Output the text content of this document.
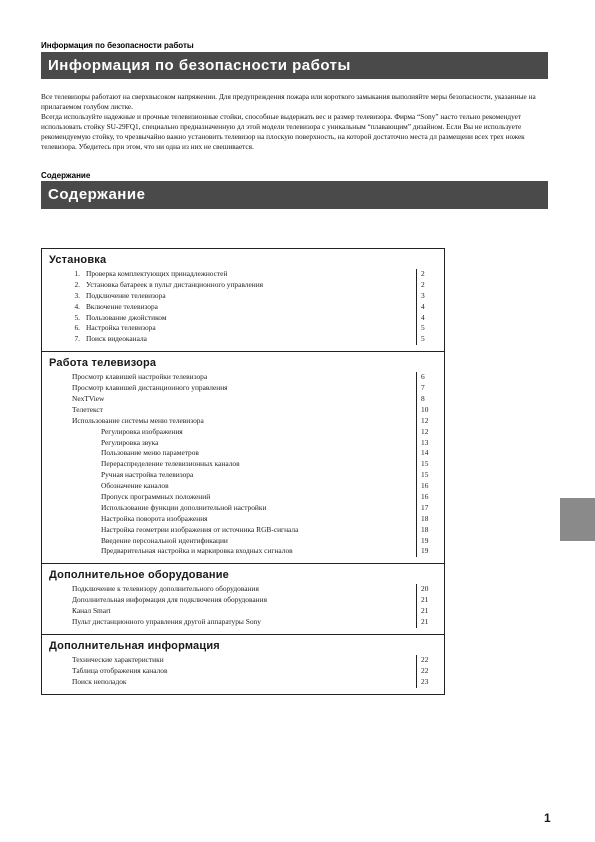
Информация по безопасности работы
Информация по безопасности работы

Все телевизоры работают на сверхвысоком напряжении. Для предупреждения пожара или короткого замыкания выполняйте меры безопасности, указанные на прилагаемом голубом листке.

Всегда используйте надежные и прочные телевизионные стойки, способные выдержать вес и размер телевизора. Фирма “Sony” насто тельно рекомендует использовать стойку SU-29FQ1, специально предназначенную дл этой модели телевизора с уникальным “плавающим” дизайном. Если Вы не используете рекомендуемую стойку, то чрезвычайно важно установить телевизор на плоскую поверхность, на которой достаточно места дл размещени всех трех ножек телевизора. Убедитесь при этом, что ни одна из них не свешивается.

Содержание
Содержание
Установка
1. Проверка комплектующих принадлежностей	2
2. Установка батареек в пульт дистанционного управления	2
3. Подключение телевизора	3
4. Включение телевизора	4
5. Пользование джойстиком	4
6. Настройка телевизора	5
7. Поиск видеоканала	5
Работа телевизора
Просмотр клавишей настройки телевизора	6
Просмотр клавишей дистанционного управления	7
NexTView	8
Телетекст	10
Использование системы меню телевизора	12
Регулировка изображения	12
Регулировка звука	13
Пользование меню параметров	14
Перераспределение телевизионных каналов	15
Ручная настройка телевизора	15
Обозначение каналов	16
Пропуск программных положений	16
Использование функции дополнительной настройки	17
Настройка поворота изображения	18
Настройка геометрии изображения от источника RGB-сигнала	18
Введение персональной идентификации	19
Предварительная настройка и маркировка входных сигналов	19
Дополнительное оборудование
Подключение к телевизору дополнительного оборудования	20
Дополнительная информация для подключения оборудования	21
Канал Smart	21
Пульт дистанционного управления другой аппаратуры Sony	21
Дополнительная информация
Технические характеристики	22
Таблица отображения каналов	22
Поиск неполадок	23
1
